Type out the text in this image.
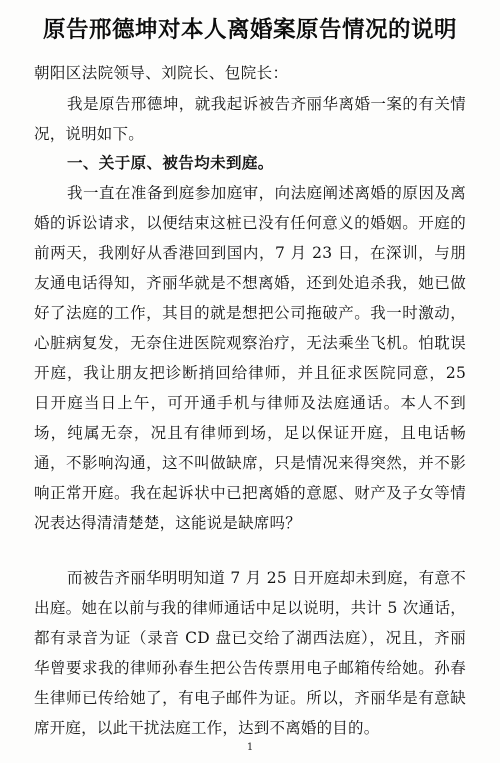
原告邢德坤对本人离婚案原告情况的说明
朝阳区法院领导、刘院长、包院长：

我是原告邢德坤，就我起诉被告齐丽华离婚一案的有关情况，说明如下。

一、关于原、被告均未到庭。

我一直在准备到庭参加庭审，向法庭阐述离婚的原因及离婚的诉讼请求，以便结束这桩已没有任何意义的婚姻。开庭的前两天，我刚好从香港回到国内，7 月 23 日，在深训，与朋友通电话得知，齐丽华就是不想离婚，还到处追杀我，她已做好了法庭的工作，其目的就是想把公司拖破产。我一时激动，心脏病复发，无奈住进医院观察治疗，无法乘坐飞机。怕耽误开庭，我让朋友把诊断捎回给律师，并且征求医院同意，25 日开庭当日上午，可开通手机与律师及法庭通话。本人不到场，纯属无奈，况且有律师到场，足以保证开庭，且电话畅通，不影响沟通，这不叫做缺席，只是情况来得突然，并不影响正常开庭。我在起诉状中已把离婚的意愿、财产及子女等情况表达得清清楚楚，这能说是缺席吗？

而被告齐丽华明明知道 7 月 25 日开庭却未到庭，有意不出庭。她在以前与我的律师通话中足以说明，共计 5 次通话，都有录音为证（录音 CD 盘已交给了湖西法庭），况且，齐丽华曾要求我的律师孙春生把公告传票用电子邮箱传给她。孙春生律师已传给她了，有电子邮件为证。所以，齐丽华是有意缺席开庭，以此干扰法庭工作，达到不离婚的目的。

1
